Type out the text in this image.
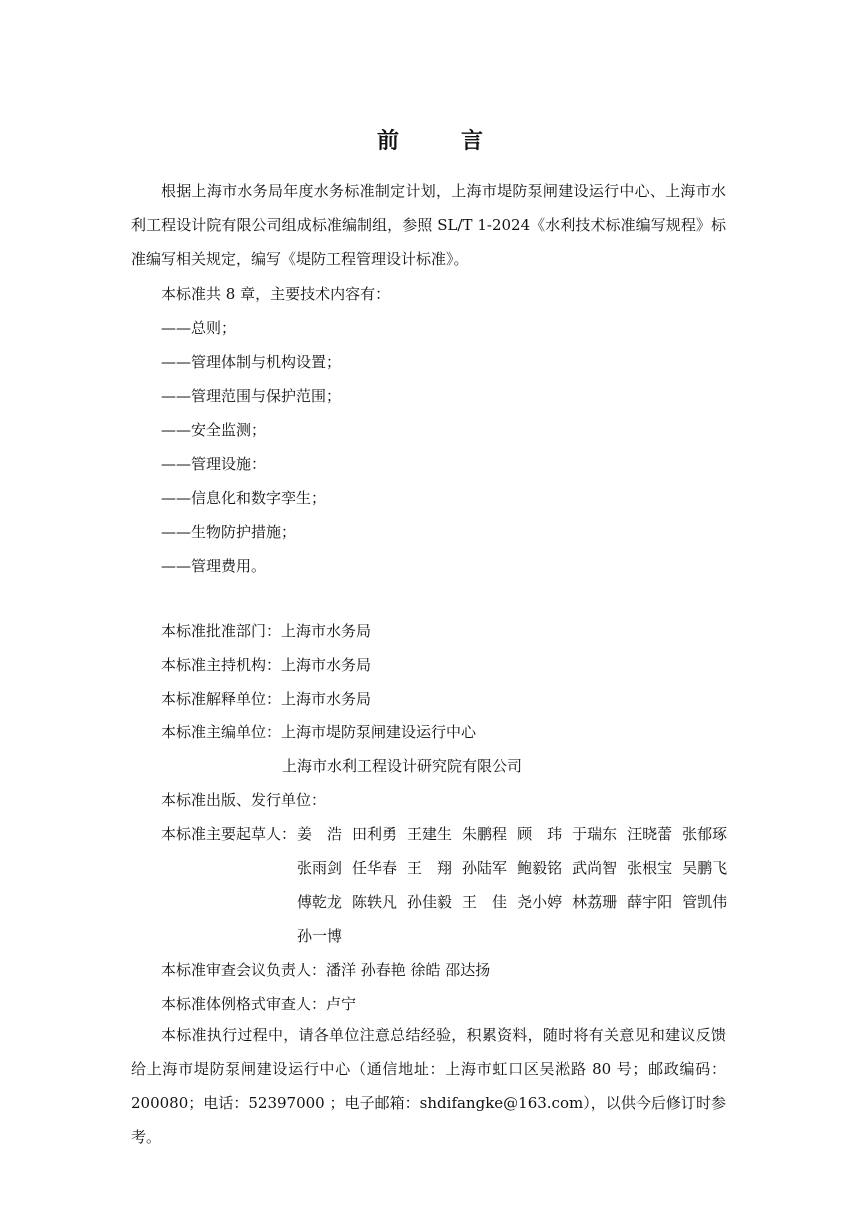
前　言
根据上海市水务局年度水务标准制定计划，上海市堤防泵闸建设运行中心、上海市水利工程设计院有限公司组成标准编制组，参照 SL/T 1-2024《水利技术标准编写规程》标准编写相关规定，编写《堤防工程管理设计标准》。
本标准共 8 章，主要技术内容有：
——总则；
——管理体制与机构设置；
——管理范围与保护范围；
——安全监测；
——管理设施：
——信息化和数字孪生；
——生物防护措施；
——管理费用。
本标准批准部门：上海市水务局
本标准主持机构：上海市水务局
本标准解释单位：上海市水务局
本标准主编单位：上海市堤防泵闸建设运行中心
上海市水利工程设计研究院有限公司
本标准出版、发行单位：
本标准主要起草人： 姜　浩 田利勇 王建生 朱鹏程 顾　玮 于瑞东 汪晓蕾 张郁琢
张雨剑 任华春 王　翔 孙陆军 鲍毅铭 武尚智 张根宝 吴鹏飞
傅乾龙 陈轶凡 孙佳毅 王　佳 尧小婷 林荔珊 薛宇阳 管凯伟
孙一博
本标准审查会议负责人：潘洋 孙春艳 徐皓 邵达扬
本标准体例格式审查人：卢宁
本标准执行过程中，请各单位注意总结经验，积累资料，随时将有关意见和建议反馈给上海市堤防泵闸建设运行中心（通信地址：上海市虹口区吴淞路 80 号；邮政编码：200080；电话：52397000 ；电子邮箱：shdifangke@163.com），以供今后修订时参考。
